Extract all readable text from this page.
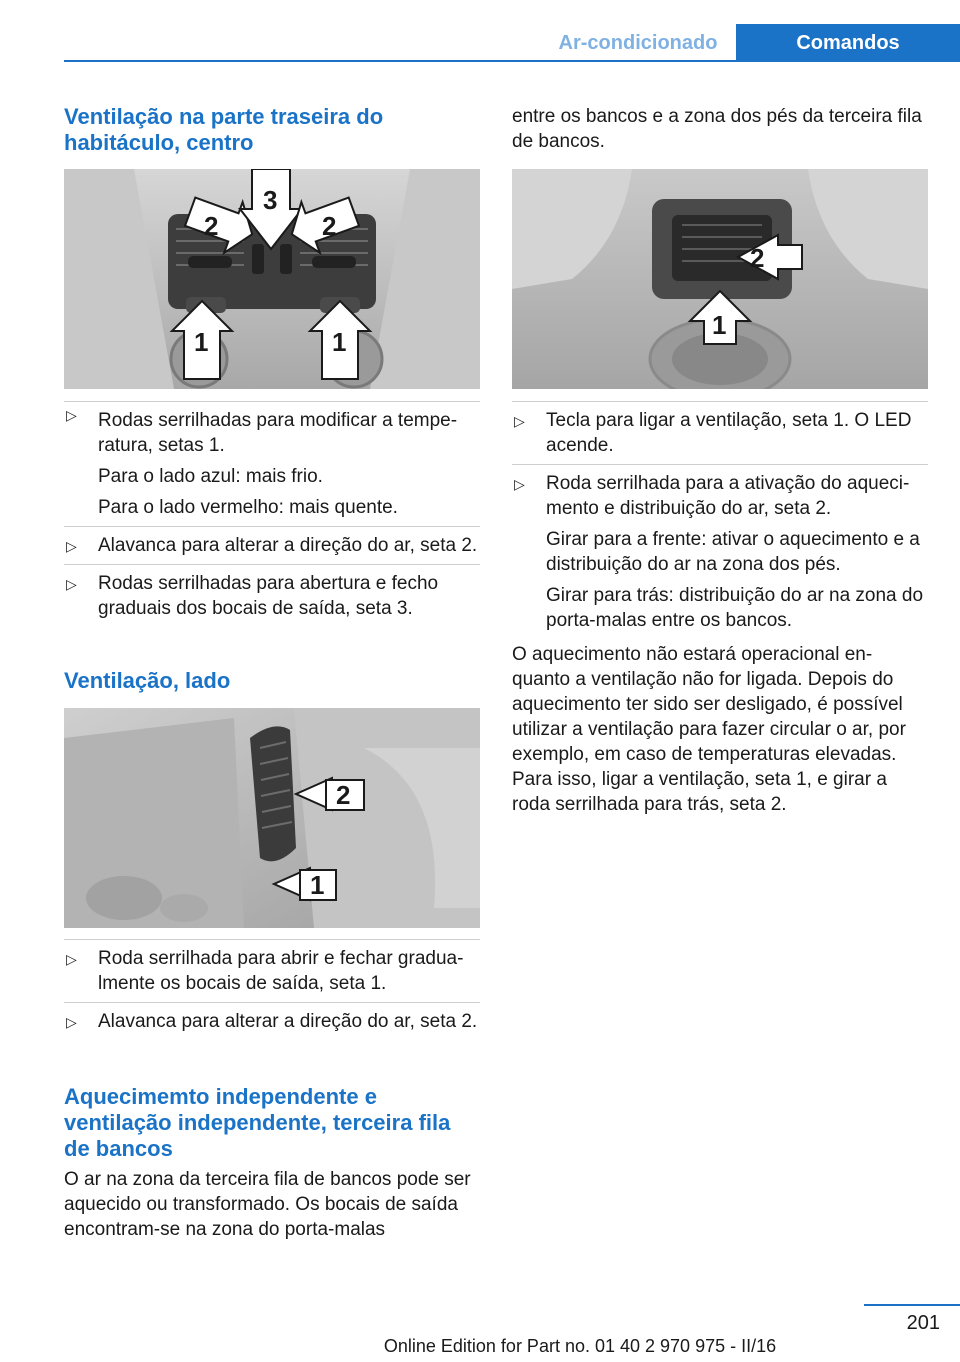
Ar-condicionado	Comandos
Ventilação na parte traseira do habitáculo, centro
2
3
2
1	1
▷ Rodas serrilhadas para modificar a tempe-ratura, setas 1.
Para o lado azul: mais frio.
Para o lado vermelho: mais quente.
▷ Alavanca para alterar a direção do ar, seta 2.
▷ Rodas serrilhadas para abertura e fecho graduais dos bocais de saída, seta 3.
Ventilação, lado
2
1
▷ Roda serrilhada para abrir e fechar gradua-lmente os bocais de saída, seta 1.
▷ Alavanca para alterar a direção do ar, seta 2.
Aquecimemto independente e ventilação independente, terceira fila de bancos

O ar na zona da terceira fila de bancos pode ser aquecido ou transformado. Os bocais de saída encontram-se na zona do porta-malas

entre os bancos e a zona dos pés da terceira fila de bancos.

2
1
▷ Tecla para ligar a ventilação, seta 1. O LED acende.
▷ Roda serrilhada para a ativação do aqueci-mento e distribuição do ar, seta 2.
Girar para a frente: ativar o aquecimento e a distribuição do ar na zona dos pés.
Girar para trás: distribuição do ar na zona do porta-malas entre os bancos.

O aquecimento não estará operacional en-quanto a ventilação não for ligada. Depois do aquecimento ter sido ser desligado, é possível utilizar a ventilação para fazer circular o ar, por exemplo, em caso de temperaturas elevadas. Para isso, ligar a ventilação, seta 1, e girar a roda serrilhada para trás, seta 2.

201
Online Edition for Part no. 01 40 2 970 975 - II/16
